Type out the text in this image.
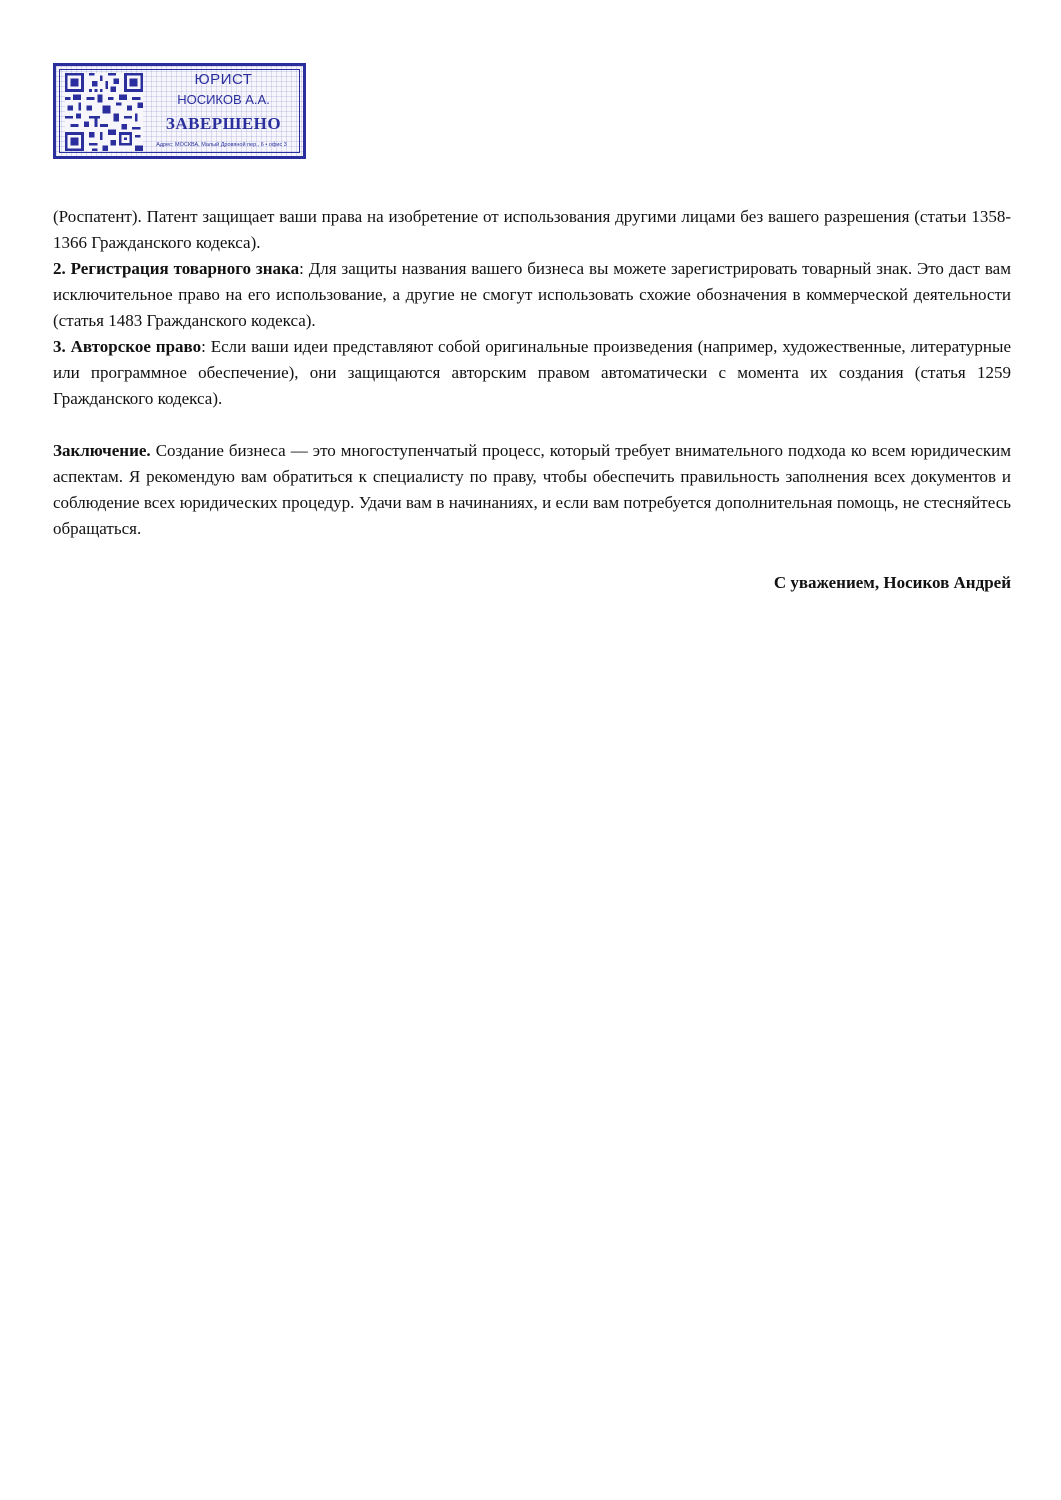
ЮРИСТ
НОСИКОВ А.А.
ЗАВЕРШЕНО
Адрес: МОСКВА, Малый Дровяной пер., 6 • офис 3

(Роспатент). Патент защищает ваши права на изобретение от использования другими лицами без вашего разрешения (статьи 1358-1366 Гражданского кодекса).

2. Регистрация товарного знака: Для защиты названия вашего бизнеса вы можете зарегистрировать товарный знак. Это даст вам исключительное право на его использование, а другие не смогут использовать схожие обозначения в коммерческой деятельности (статья 1483 Гражданского кодекса).

3. Авторское право: Если ваши идеи представляют собой оригинальные произведения (например, художественные, литературные или программное обеспечение), они защищаются авторским правом автоматически с момента их создания (статья 1259 Гражданского кодекса).

Заключение. Создание бизнеса — это многоступенчатый процесс, который требует внимательного подхода ко всем юридическим аспектам. Я рекомендую вам обратиться к специалисту по праву, чтобы обеспечить правильность заполнения всех документов и соблюдение всех юридических процедур. Удачи вам в начинаниях, и если вам потребуется дополнительная помощь, не стесняйтесь обращаться.

С уважением, Носиков Андрей
